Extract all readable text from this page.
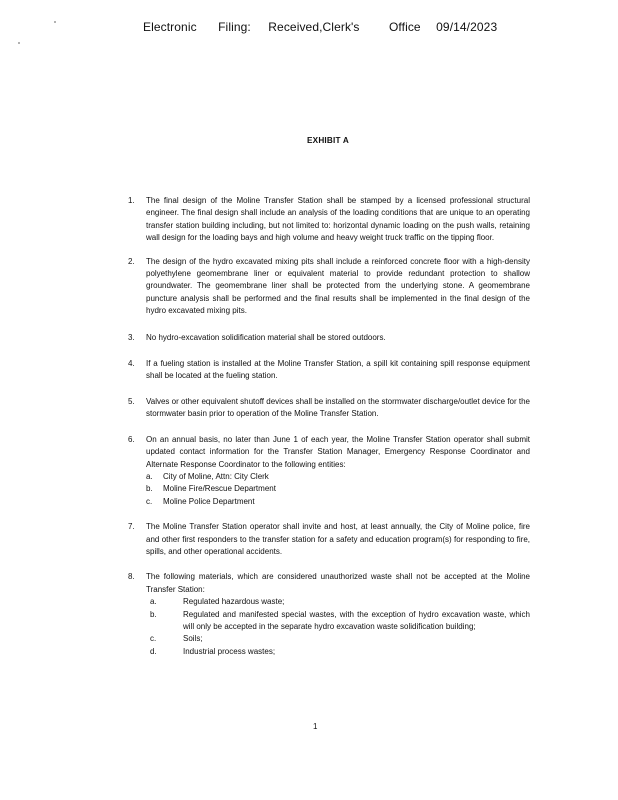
Electronic Filing: Received,Clerk's Office 09/14/2023
EXHIBIT A
1. The final design of the Moline Transfer Station shall be stamped by a licensed professional structural engineer. The final design shall include an analysis of the loading conditions that are unique to an operating transfer station building including, but not limited to: horizontal dynamic loading on the push walls, retaining wall design for the loading bays and high volume and heavy weight truck traffic on the tipping floor.

2. The design of the hydro excavated mixing pits shall include a reinforced concrete floor with a high-density polyethylene geomembrane liner or equivalent material to provide redundant protection to shallow groundwater. The geomembrane liner shall be protected from the underlying stone. A geomembrane puncture analysis shall be performed and the final results shall be implemented in the final design of the hydro excavated mixing pits.

3. No hydro-excavation solidification material shall be stored outdoors.

4. If a fueling station is installed at the Moline Transfer Station, a spill kit containing spill response equipment shall be located at the fueling station.

5. Valves or other equivalent shutoff devices shall be installed on the stormwater discharge/outlet device for the stormwater basin prior to operation of the Moline Transfer Station.

6. On an annual basis, no later than June 1 of each year, the Moline Transfer Station operator shall submit updated contact information for the Transfer Station Manager, Emergency Response Coordinator and Alternate Response Coordinator to the following entities:

a. City of Moline, Attn: City Clerk
b. Moline Fire/Rescue Department
c. Moline Police Department
7. The Moline Transfer Station operator shall invite and host, at least annually, the City of Moline police, fire and other first responders to the transfer station for a safety and education program(s) for responding to fire, spills, and other operational accidents.

8. The following materials, which are considered unauthorized waste shall not be accepted at the Moline Transfer Station:

a.	Regulated hazardous waste;
b.	Regulated and manifested special wastes, with the exception of hydro excavation waste, which will only be accepted in the separate hydro excavation waste solidification building;
c.	Soils;
d.	Industrial process wastes;
1
